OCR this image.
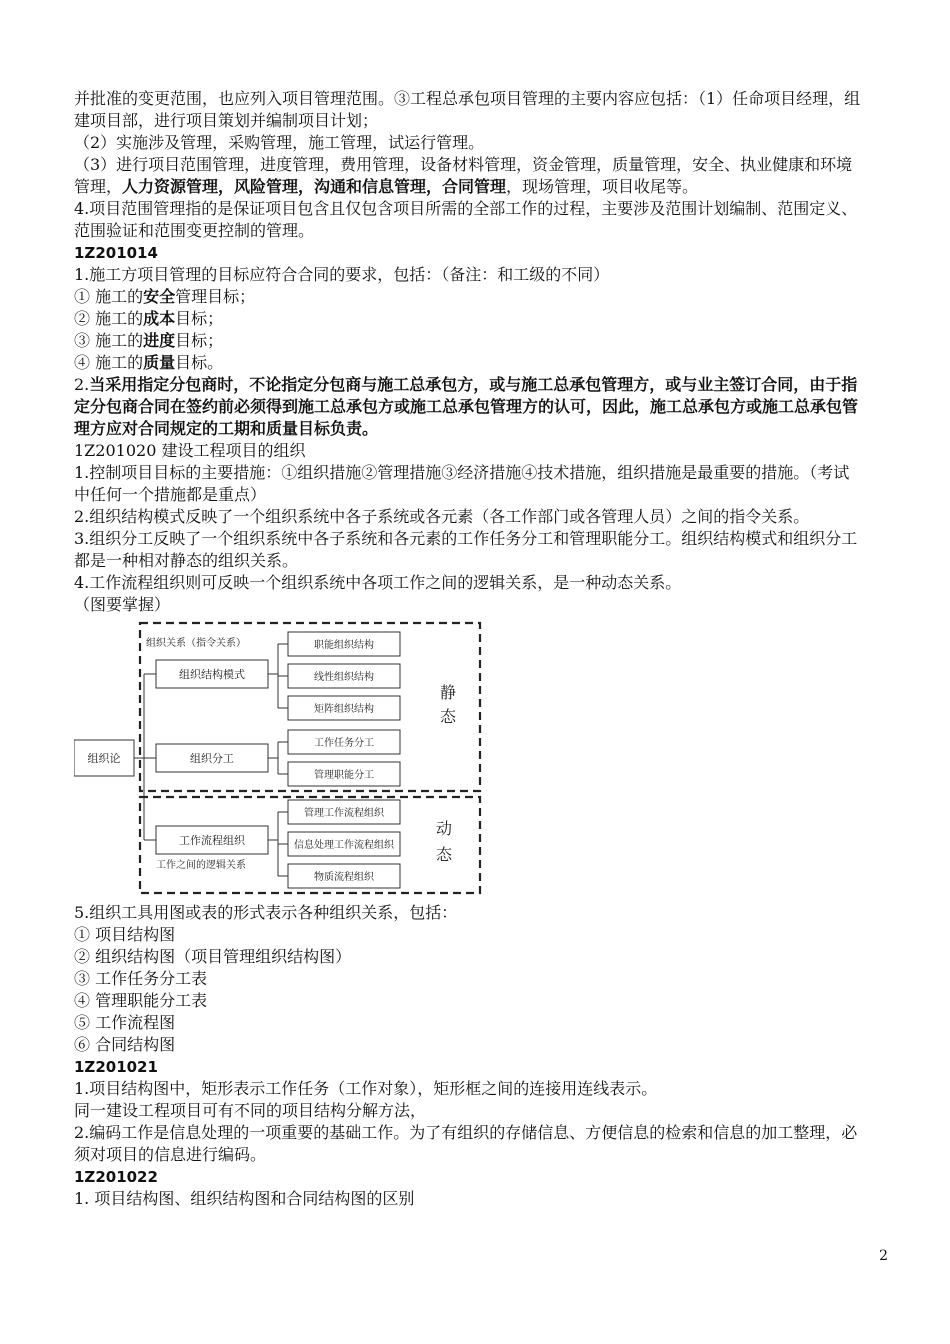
并批准的变更范围，也应列入项目管理范围。③工程总承包项目管理的主要内容应包括：（1）任命项目经理，组建项目部，进行项目策划并编制项目计划；

（2）实施涉及管理，采购管理，施工管理，试运行管理。

（3）进行项目范围管理，进度管理，费用管理，设备材料管理，资金管理，质量管理，安全、执业健康和环境管理，人力资源管理，风险管理，沟通和信息管理，合同管理，现场管理，项目收尾等。

4.项目范围管理指的是保证项目包含且仅包含项目所需的全部工作的过程，主要涉及范围计划编制、范围定义、范围验证和范围变更控制的管理。

1Z201014

1.施工方项目管理的目标应符合合同的要求，包括：（备注：和工级的不同）

① 施工的安全管理目标；

② 施工的成本目标；

③ 施工的进度目标；

④ 施工的质量目标。

2.当采用指定分包商时，不论指定分包商与施工总承包方，或与施工总承包管理方，或与业主签订合同，由于指定分包商合同在签约前必须得到施工总承包方或施工总承包管理方的认可，因此，施工总承包方或施工总承包管理方应对合同规定的工期和质量目标负责。

1Z201020 建设工程项目的组织

1.控制项目目标的主要措施：①组织措施②管理措施③经济措施④技术措施，组织措施是最重要的措施。（考试中任何一个措施都是重点）

2.组织结构模式反映了一个组织系统中各子系统或各元素（各工作部门或各管理人员）之间的指令关系。

3.组织分工反映了一个组织系统中各子系统和各元素的工作任务分工和管理职能分工。组织结构模式和组织分工都是一种相对静态的组织关系。

4.工作流程组织则可反映一个组织系统中各项工作之间的逻辑关系，是一种动态关系。

（图要掌握）

组织论
组织结构模式
组织分工
工作流程组织
组织关系（指令关系）
工作之间的逻辑关系
职能组织结构
线性组织结构
矩阵组织结构
工作任务分工
管理职能分工
管理工作流程组织
信息处理工作流程组织
物质流程组织
静
态
动
态

5.组织工具用图或表的形式表示各种组织关系，包括：

① 项目结构图

② 组织结构图（项目管理组织结构图）

③ 工作任务分工表

④ 管理职能分工表

⑤ 工作流程图

⑥ 合同结构图

1Z201021

1.项目结构图中，矩形表示工作任务（工作对象），矩形框之间的连接用连线表示。

同一建设工程项目可有不同的项目结构分解方法，

2.编码工作是信息处理的一项重要的基础工作。为了有组织的存储信息、方便信息的检索和信息的加工整理，必须对项目的信息进行编码。

1Z201022

1. 项目结构图、组织结构图和合同结构图的区别

2
